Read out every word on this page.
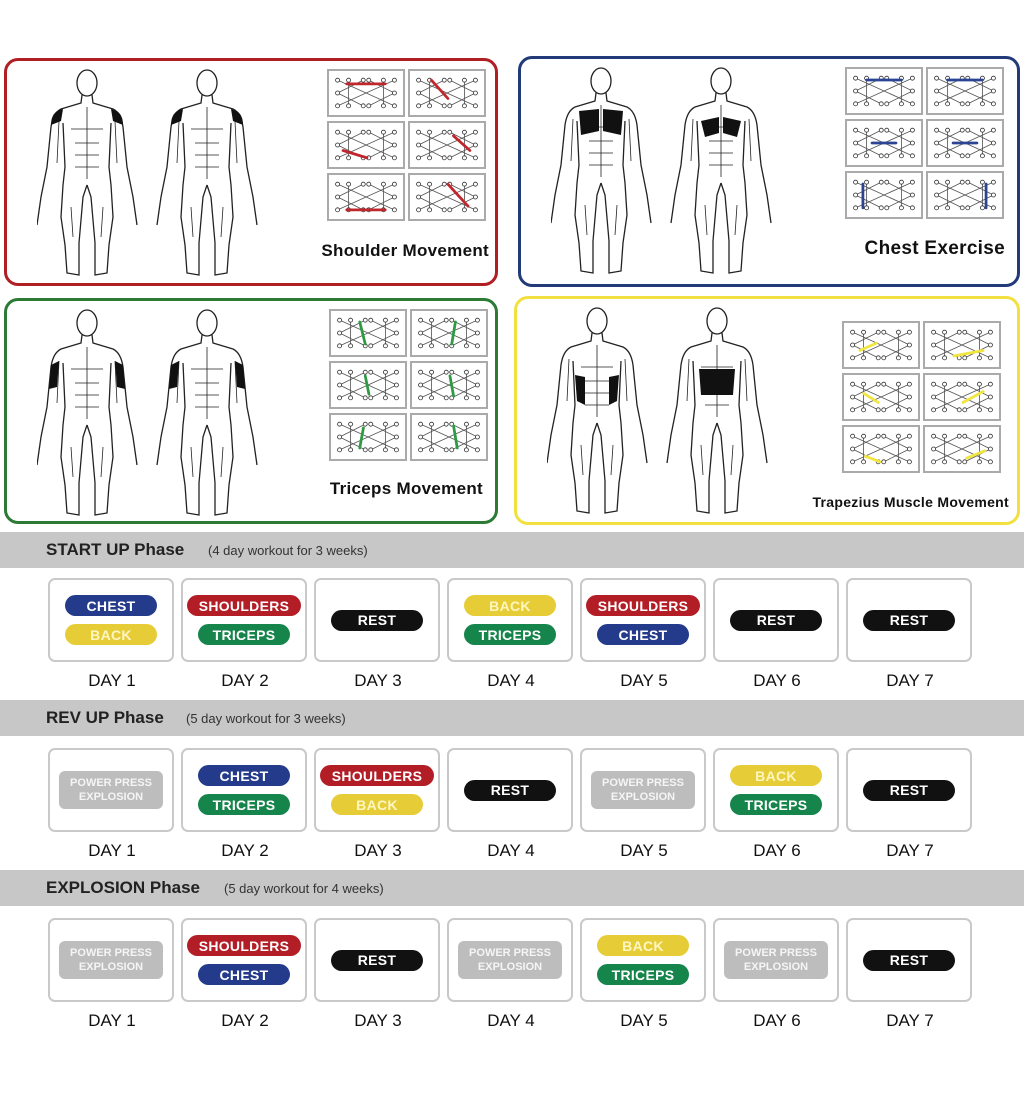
Shoulder Movement	Chest Exercise
Triceps Movement
Trapezius Muscle Movement
START UP Phase (4 day workout for 3 weeks)
CHEST
BACK
DAY 1
SHOULDERS
TRICEPS
DAY 2
REST
DAY 3
BACK
TRICEPS
DAY 4
SHOULDERS
CHEST
DAY 5
REST
DAY 6
REST
DAY 7
REV UP Phase (5 day workout for 3 weeks)
POWER PRESS
EXPLOSION
DAY 1
CHEST
TRICEPS
DAY 2
SHOULDERS
BACK
DAY 3
REST
DAY 4
POWER PRESS
EXPLOSION
DAY 5
BACK
TRICEPS
DAY 6
REST
DAY 7
EXPLOSION Phase (5 day workout for 4 weeks)
POWER PRESS
EXPLOSION
DAY 1
SHOULDERS
CHEST
DAY 2
REST
DAY 3
POWER PRESS
EXPLOSION
DAY 4
BACK
TRICEPS
DAY 5
POWER PRESS
EXPLOSION
DAY 6
REST
DAY 7
